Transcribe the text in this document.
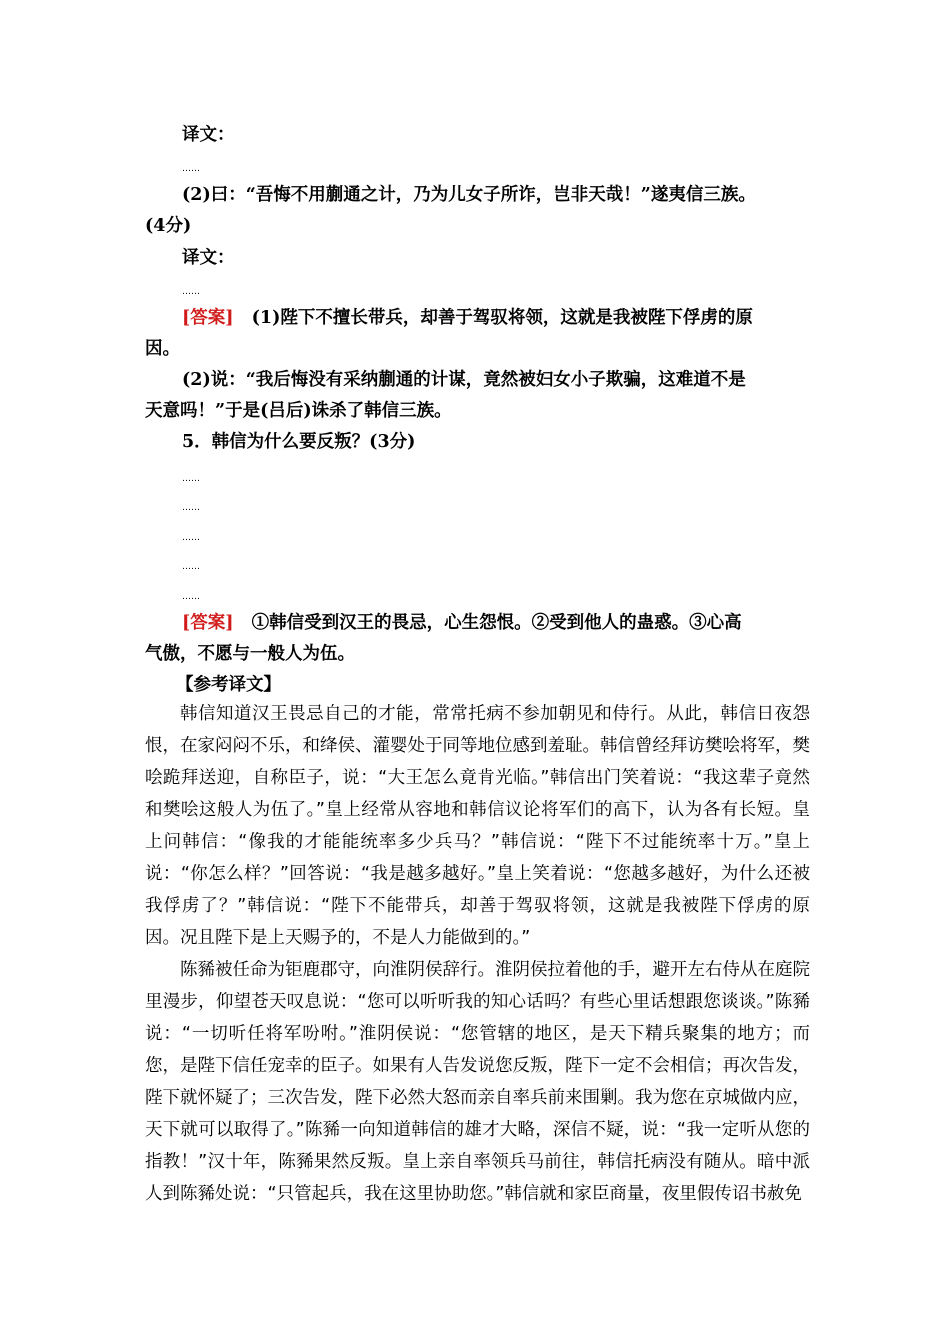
译文：
……
(2)曰：“吾悔不用蒯通之计，乃为儿女子所诈，岂非天哉！”遂夷信三族。
(4分)
译文：
……
[答案] (1)陛下不擅长带兵，却善于驾驭将领，这就是我被陛下俘虏的原
因。
(2)说：“我后悔没有采纳蒯通的计谋，竟然被妇女小子欺骗，这难道不是
天意吗！”于是(吕后)诛杀了韩信三族。
5．韩信为什么要反叛？(3分)
……
……
……
……
……
[答案] ①韩信受到汉王的畏忌，心生怨恨。②受到他人的蛊惑。③心高
气傲，不愿与一般人为伍。
【参考译文】

韩信知道汉王畏忌自己的才能，常常托病不参加朝见和侍行。从此，韩信日夜怨恨，在家闷闷不乐，和绛侯、灌婴处于同等地位感到羞耻。韩信曾经拜访樊哙将军，樊哙跪拜送迎，自称臣子，说：“大王怎么竟肯光临。”韩信出门笑着说：“我这辈子竟然和樊哙这般人为伍了。”皇上经常从容地和韩信议论将军们的高下，认为各有长短。皇上问韩信：“像我的才能能统率多少兵马？”韩信说：“陛下不过能统率十万。”皇上说：“你怎么样？”回答说：“我是越多越好。”皇上笑着说：“您越多越好，为什么还被我俘虏了？”韩信说：“陛下不能带兵，却善于驾驭将领，这就是我被陛下俘虏的原因。况且陛下是上天赐予的，不是人力能做到的。”

陈豨被任命为钜鹿郡守，向淮阴侯辞行。淮阴侯拉着他的手，避开左右侍从在庭院里漫步，仰望苍天叹息说：“您可以听听我的知心话吗？有些心里话想跟您谈谈。”陈豨说：“一切听任将军吩咐。”淮阴侯说：“您管辖的地区，是天下精兵聚集的地方；而您，是陛下信任宠幸的臣子。如果有人告发说您反叛，陛下一定不会相信；再次告发，陛下就怀疑了；三次告发，陛下必然大怒而亲自率兵前来围剿。我为您在京城做内应，天下就可以取得了。”陈豨一向知道韩信的雄才大略，深信不疑，说：“我一定听从您的指教！”汉十年，陈豨果然反叛。皇上亲自率领兵马前往，韩信托病没有随从。暗中派人到陈豨处说：“只管起兵，我在这里协助您。”韩信就和家臣商量，夜里假传诏书赦免
